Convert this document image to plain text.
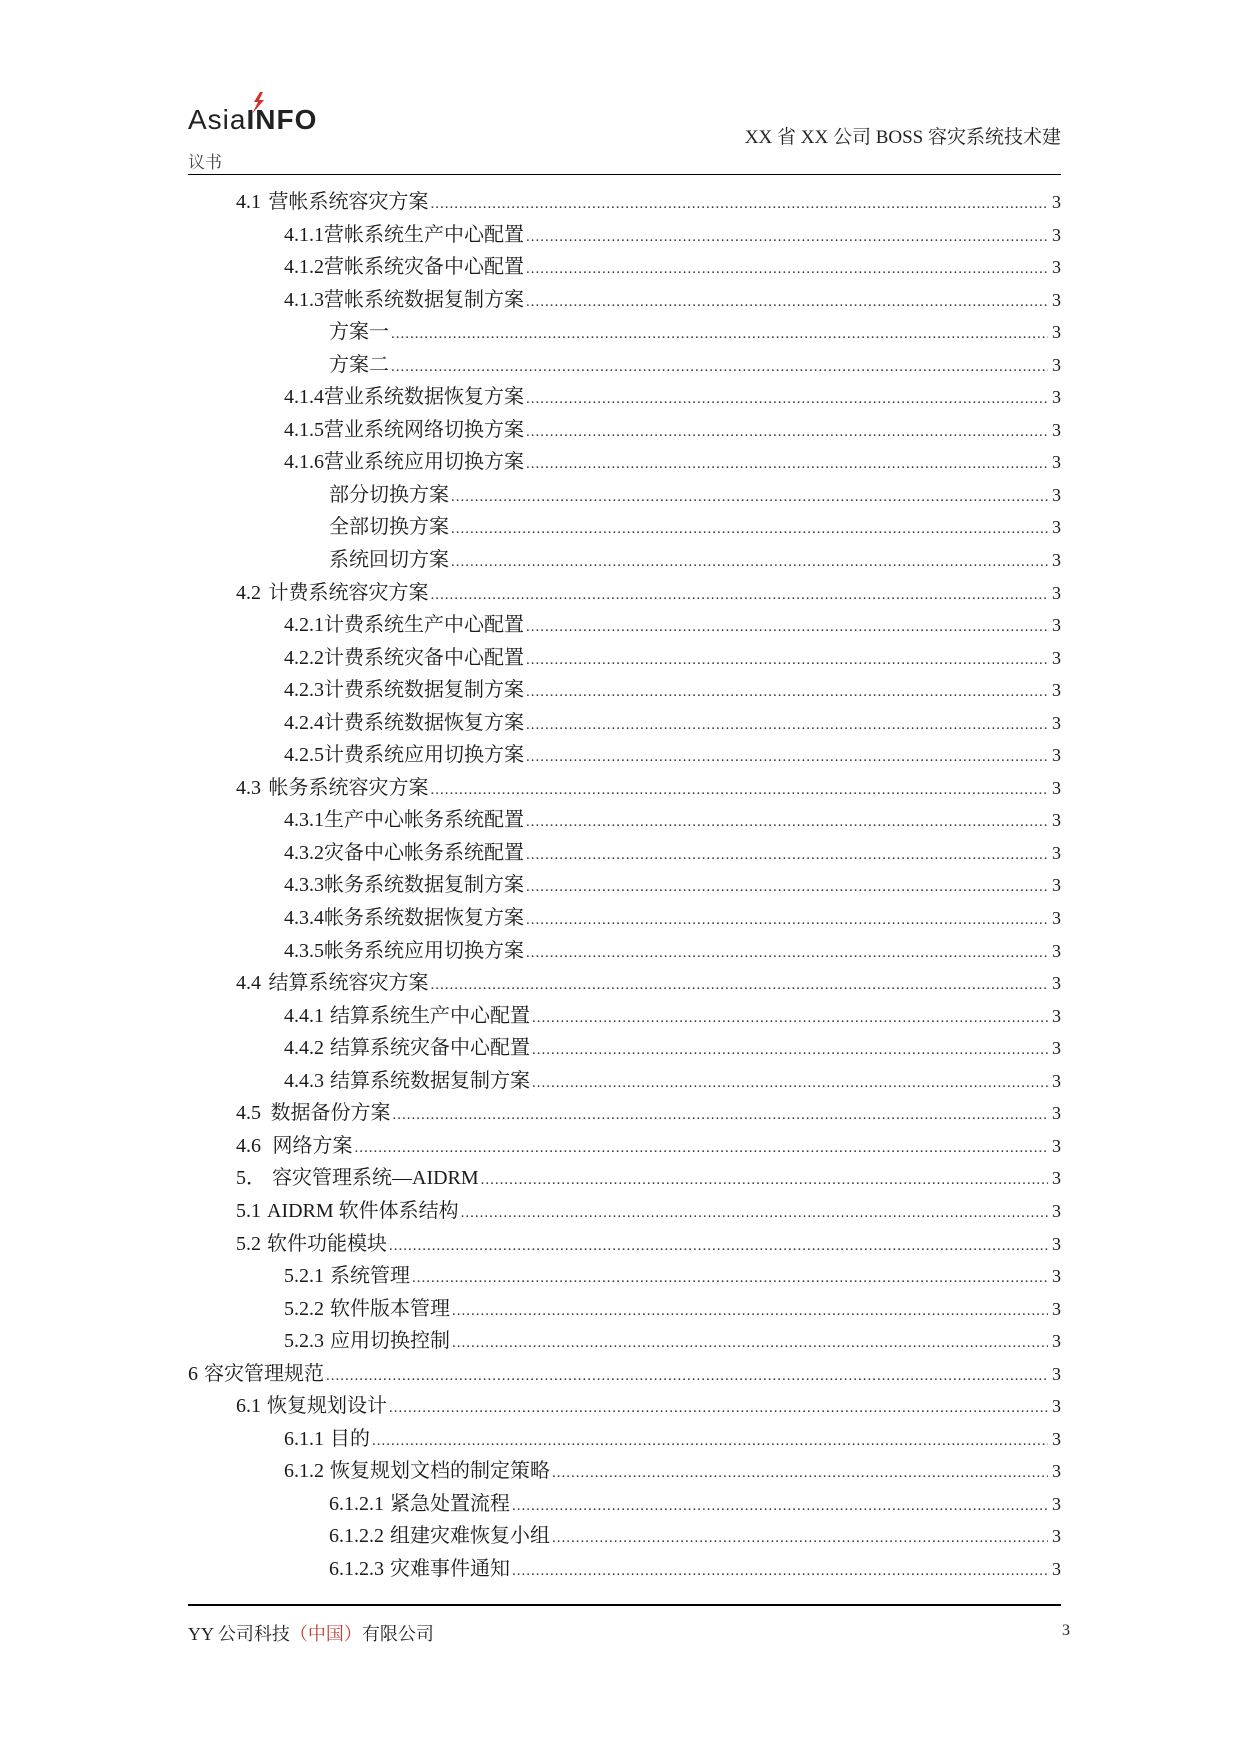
AsiaINFO
XX 省 XX 公司 BOSS 容灾系统技术建
议书
4.1 营帐系统容灾方案 .....	3
4.1.1 营帐系统生产中心配置 .....	3
4.1.2 营帐系统灾备中心配置 .....	3
4.1.3 营帐系统数据复制方案 .....	3
方案一 .....	3
方案二 .....	3
4.1.4 营业系统数据恢复方案 .....	3
4.1.5 营业系统网络切换方案 .....	3
4.1.6 营业系统应用切换方案 .....	3
部分切换方案 .....	3
全部切换方案 .....	3
系统回切方案 .....	3
4.2 计费系统容灾方案 .....	3
4.2.1 计费系统生产中心配置 .....	3
4.2.2 计费系统灾备中心配置 .....	3
4.2.3 计费系统数据复制方案 .....	3
4.2.4 计费系统数据恢复方案 .....	3
4.2.5 计费系统应用切换方案 .....	3
4.3 帐务系统容灾方案 .....	3
4.3.1 生产中心帐务系统配置 .....	3
4.3.2 灾备中心帐务系统配置 .....	3
4.3.3 帐务系统数据复制方案 .....	3
4.3.4 帐务系统数据恢复方案 .....	3
4.3.5 帐务系统应用切换方案 .....	3
4.4 结算系统容灾方案 .....	3
4.4.1 结算系统生产中心配置 .....	3
4.4.2 结算系统灾备中心配置 .....	3
4.4.3 结算系统数据复制方案 .....	3
4.5 数据备份方案 .....	3
4.6 网络方案 .....	3
5． 容灾管理系统—AIDRM .....	3
5.1 AIDRM 软件体系结构 .....	3
5.2 软件功能模块 .....	3
5.2.1 系统管理 .....	3
5.2.2 软件版本管理 .....	3
5.2.3 应用切换控制 .....	3
6 容灾管理规范 .....	3
6.1 恢复规划设计 .....	3
6.1.1 目的 .....	3
6.1.2 恢复规划文档的制定策略 .....	3
6.1.2.1 紧急处置流程 .....	3
6.1.2.2 组建灾难恢复小组 .....	3
6.1.2.3 灾难事件通知 .....	3
YY 公司科技（中国）有限公司	3
